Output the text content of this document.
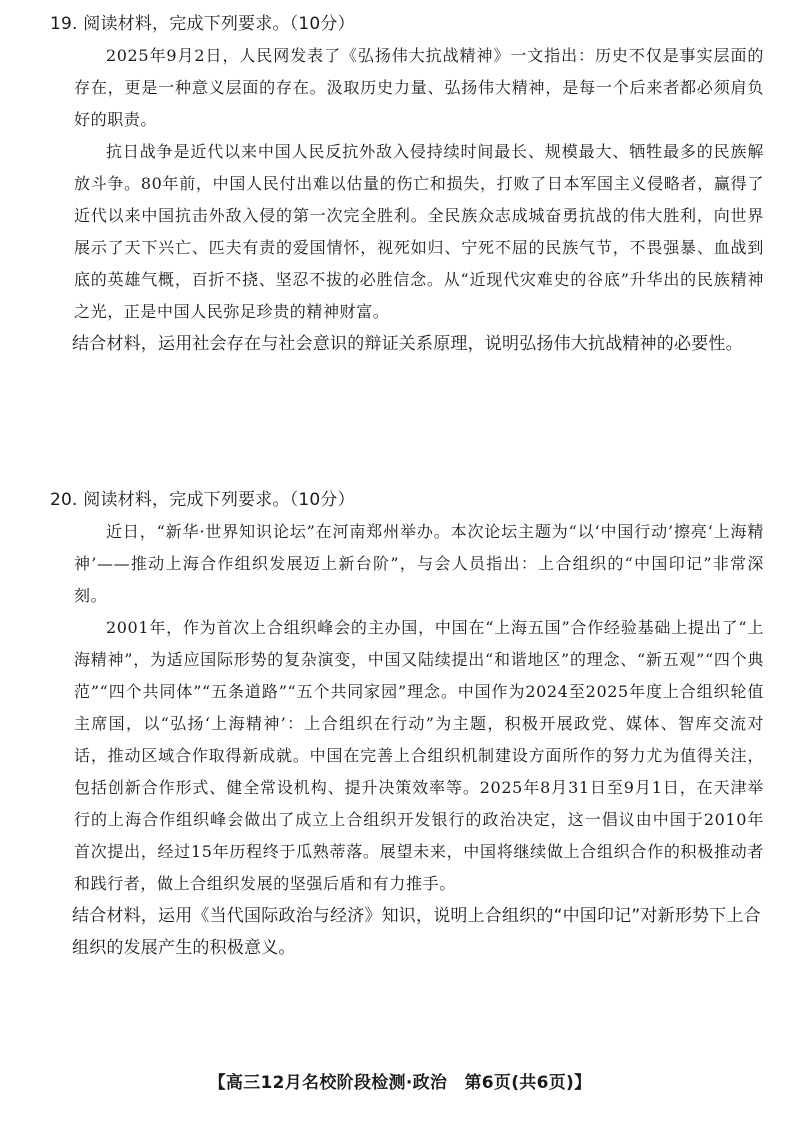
19. 阅读材料，完成下列要求。（10分）

2025年9月2日，人民网发表了《弘扬伟大抗战精神》一文指出：历史不仅是事实层面的存在，更是一种意义层面的存在。汲取历史力量、弘扬伟大精神，是每一个后来者都必须肩负好的职责。

抗日战争是近代以来中国人民反抗外敌入侵持续时间最长、规模最大、牺牲最多的民族解放斗争。80年前，中国人民付出难以估量的伤亡和损失，打败了日本军国主义侵略者，赢得了近代以来中国抗击外敌入侵的第一次完全胜利。全民族众志成城奋勇抗战的伟大胜利，向世界展示了天下兴亡、匹夫有责的爱国情怀，视死如归、宁死不屈的民族气节，不畏强暴、血战到底的英雄气概，百折不挠、坚忍不拔的必胜信念。从“近现代灾难史的谷底”升华出的民族精神之光，正是中国人民弥足珍贵的精神财富。

结合材料，运用社会存在与社会意识的辩证关系原理，说明弘扬伟大抗战精神的必要性。

20. 阅读材料，完成下列要求。（10分）

近日，“新华·世界知识论坛”在河南郑州举办。本次论坛主题为“以‘中国行动’擦亮‘上海精神’——推动上海合作组织发展迈上新台阶”，与会人员指出：上合组织的“中国印记”非常深刻。

2001年，作为首次上合组织峰会的主办国，中国在“上海五国”合作经验基础上提出了“上海精神”，为适应国际形势的复杂演变，中国又陆续提出“和谐地区”的理念、“新五观”“四个典范”“四个共同体”“五条道路”“五个共同家园”理念。中国作为2024至2025年度上合组织轮值主席国，以“弘扬‘上海精神’：上合组织在行动”为主题，积极开展政党、媒体、智库交流对话，推动区域合作取得新成就。中国在完善上合组织机制建设方面所作的努力尤为值得关注，包括创新合作形式、健全常设机构、提升决策效率等。2025年8月31日至9月1日，在天津举行的上海合作组织峰会做出了成立上合组织开发银行的政治决定，这一倡议由中国于2010年首次提出，经过15年历程终于瓜熟蒂落。展望未来，中国将继续做上合组织合作的积极推动者和践行者，做上合组织发展的坚强后盾和有力推手。

结合材料，运用《当代国际政治与经济》知识，说明上合组织的“中国印记”对新形势下上合组织的发展产生的积极意义。

【高三12月名校阶段检测·政治　第6页(共6页)】
